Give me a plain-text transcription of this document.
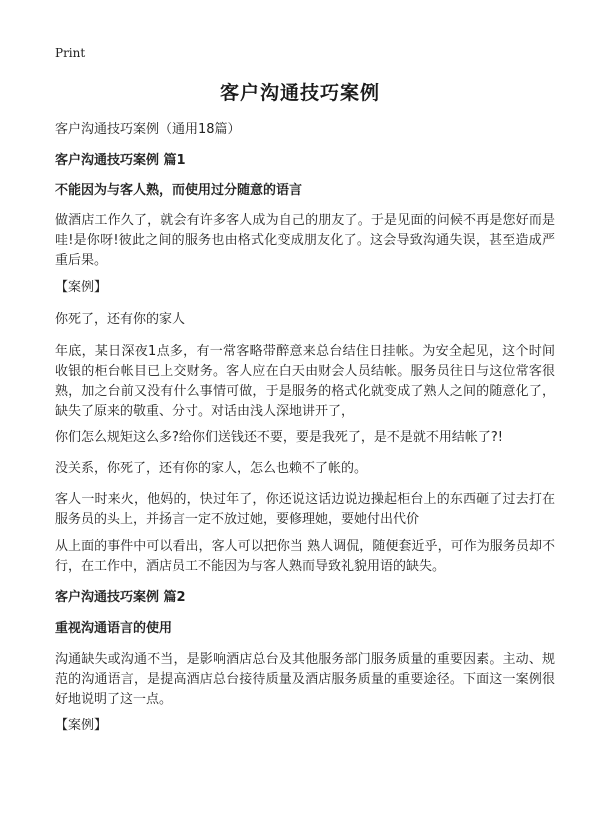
Print
客户沟通技巧案例
客户沟通技巧案例（通用18篇）
客户沟通技巧案例 篇1
不能因为与客人熟，而使用过分随意的语言
做酒店工作久了，就会有许多客人成为自己的朋友了。于是见面的问候不再是您好而是哇!是你呀!彼此之间的服务也由格式化变成朋友化了。这会导致沟通失误，甚至造成严重后果。
【案例】
你死了，还有你的家人
年底，某日深夜1点多，有一常客略带醉意来总台结住日挂帐。为安全起见，这个时间收银的柜台帐目已上交财务。客人应在白天由财会人员结帐。服务员往日与这位常客很熟，加之台前又没有什么事情可做，于是服务的格式化就变成了熟人之间的随意化了，缺失了原来的敬重、分寸。对话由浅人深地讲开了，
你们怎么规矩这么多?给你们送钱还不要，要是我死了，是不是就不用结帐了?!
没关系，你死了，还有你的家人，怎么也赖不了帐的。
客人一时来火，他妈的，快过年了，你还说这话边说边操起柜台上的东西砸了过去打在服务员的头上，并扬言一定不放过她，要修理她，要她付出代价
从上面的事件中可以看出，客人可以把你当 熟人调侃，随便套近乎，可作为服务员却不行，在工作中，酒店员工不能因为与客人熟而导致礼貌用语的缺失。
客户沟通技巧案例 篇2
重视沟通语言的使用
沟通缺失或沟通不当，是影响酒店总台及其他服务部门服务质量的重要因素。主动、规范的沟通语言，是提高酒店总台接待质量及酒店服务质量的重要途径。下面这一案例很好地说明了这一点。
【案例】
